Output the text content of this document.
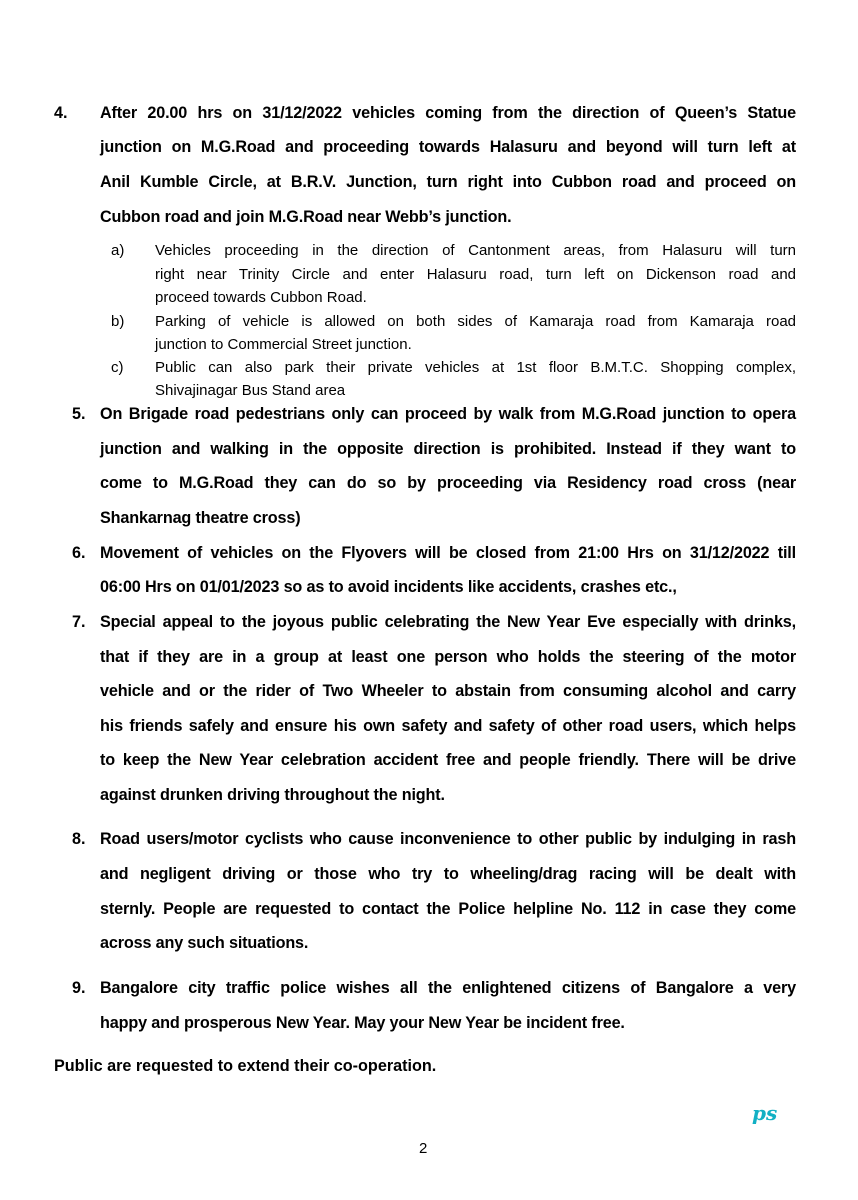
4. After 20.00 hrs on 31/12/2022 vehicles coming from the direction of Queen’s Statue
junction on M.G.Road and proceeding towards Halasuru and beyond will turn left at
Anil Kumble Circle, at B.R.V. Junction, turn right into Cubbon road and proceed on
Cubbon road and join M.G.Road near Webb’s junction.
a) Vehicles proceeding in the direction of Cantonment areas, from Halasuru will turn
right near Trinity Circle and enter Halasuru road, turn left on Dickenson road and
proceed towards Cubbon Road.
b) Parking of vehicle is allowed on both sides of Kamaraja road from Kamaraja road
junction to Commercial Street junction.
c) Public can also park their private vehicles at 1st floor B.M.T.C. Shopping complex,
Shivajinagar Bus Stand area
5. On Brigade road pedestrians only can proceed by walk from M.G.Road junction to opera
junction and walking in the opposite direction is prohibited. Instead if they want to
come to M.G.Road they can do so by proceeding via Residency road cross (near
Shankarnag theatre cross)
6. Movement of vehicles on the Flyovers will be closed from 21:00 Hrs on 31/12/2022 till
06:00 Hrs on 01/01/2023 so as to avoid incidents like accidents, crashes etc.,
7. Special appeal to the joyous public celebrating the New Year Eve especially with drinks,
that if they are in a group at least one person who holds the steering of the motor
vehicle and or the rider of Two Wheeler to abstain from consuming alcohol and carry
his friends safely and ensure his own safety and safety of other road users, which helps
to keep the New Year celebration accident free and people friendly. There will be drive
against drunken driving throughout the night.
8. Road users/motor cyclists who cause inconvenience to other public by indulging in rash
and negligent driving or those who try to wheeling/drag racing will be dealt with
sternly. People are requested to contact the Police helpline No. 112 in case they come
across any such situations.
9. Bangalore city traffic police wishes all the enlightened citizens of Bangalore a very
happy and prosperous New Year. May your New Year be incident free.
Public are requested to extend their co-operation.
ps
2
